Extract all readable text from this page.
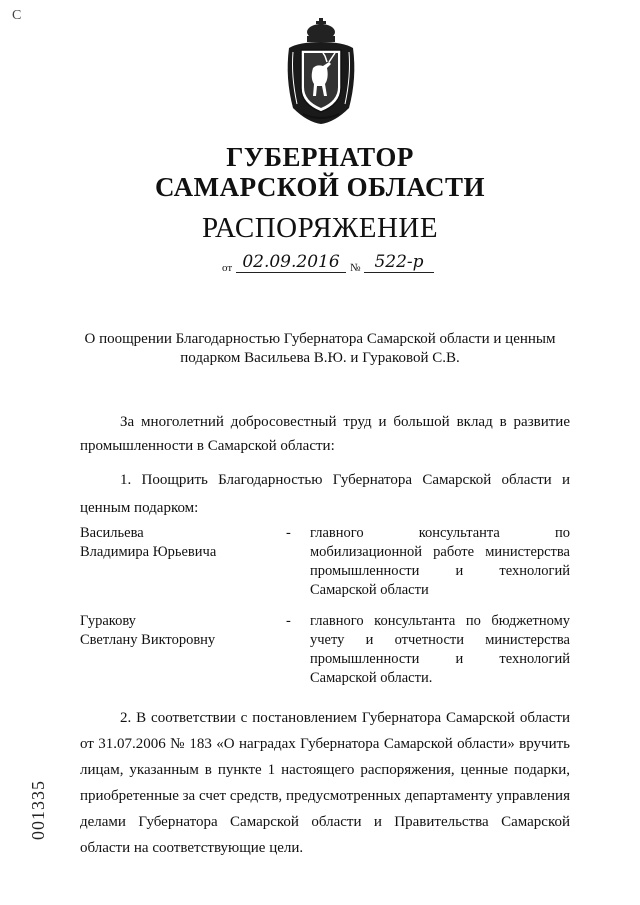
С
ГУБЕРНАТОР
САМАРСКОЙ ОБЛАСТИ
РАСПОРЯЖЕНИЕ
от 02.09.2016 № 522-р
О поощрении Благодарностью Губернатора Самарской области и ценным
подарком Васильева В.Ю. и Гураковой С.В.
За многолетний добросовестный труд и большой вклад в развитие промышленности в Самарской области:
1. Поощрить Благодарностью Губернатора Самарской области и ценным подарком:
Васильева
Владимира Юрьевича
- главного консультанта по мобилизационной работе министерства промышленности и технологий Самарской области
Гуракову
Светлану Викторовну
- главного консультанта по бюджетному учету и отчетности министерства промышленности и технологий Самарской области.
2. В соответствии с постановлением Губернатора Самарской области от 31.07.2006 № 183 «О наградах Губернатора Самарской области» вручить лицам, указанным в пункте 1 настоящего распоряжения, ценные подарки, приобретенные за счет средств, предусмотренных департаменту управления делами Губернатора Самарской области и Правительства Самарской области на соответствующие цели.
001335
